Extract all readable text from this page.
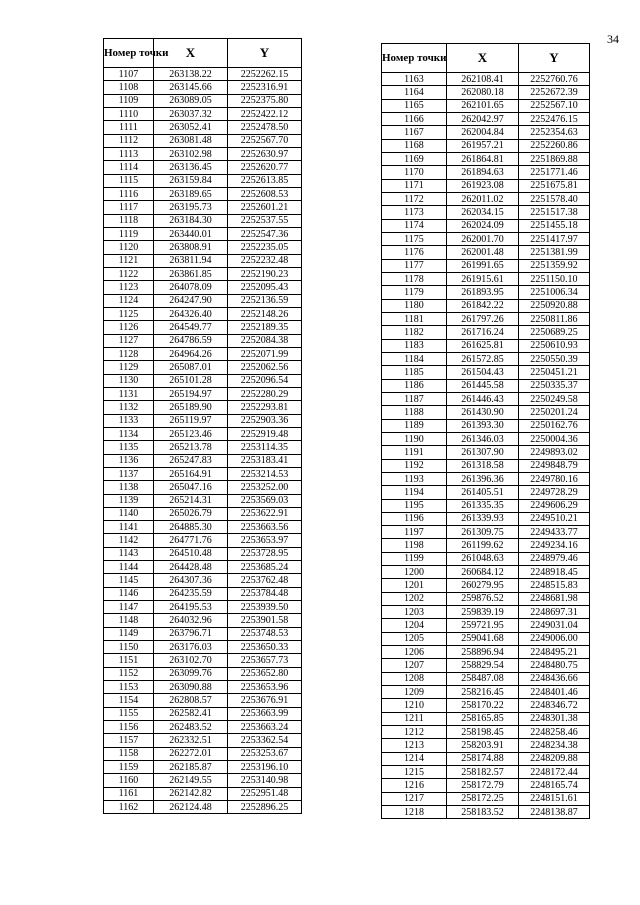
34
Номер точки	X	Y
1107	263138.22	2252262.15
1108	263145.66	2252316.91
1109	263089.05	2252375.80
1110	263037.32	2252422.12
1111	263052.41	2252478.50
1112	263081.48	2252567.70
1113	263102.98	2252630.97
1114	263136.45	2252620.77
1115	263159.84	2252613.85
1116	263189.65	2252608.53
1117	263195.73	2252601.21
1118	263184.30	2252537.55
1119	263440.01	2252547.36
1120	263808.91	2252235.05
1121	263811.94	2252232.48
1122	263861.85	2252190.23
1123	264078.09	2252095.43
1124	264247.90	2252136.59
1125	264326.40	2252148.26
1126	264549.77	2252189.35
1127	264786.59	2252084.38
1128	264964.26	2252071.99
1129	265087.01	2252062.56
1130	265101.28	2252096.54
1131	265194.97	2252280.29
1132	265189.90	2252293.81
1133	265119.97	2252903.36
1134	265123.46	2252919.48
1135	265213.78	2253114.35
1136	265247.83	2253183.41
1137	265164.91	2253214.53
1138	265047.16	2253252.00
1139	265214.31	2253569.03
1140	265026.79	2253622.91
1141	264885.30	2253663.56
1142	264771.76	2253653.97
1143	264510.48	2253728.95
1144	264428.48	2253685.24
1145	264307.36	2253762.48
1146	264235.59	2253784.48
1147	264195.53	2253939.50
1148	264032.96	2253901.58
1149	263796.71	2253748.53
1150	263176.03	2253650.33
1151	263102.70	2253657.73
1152	263099.76	2253652.80
1153	263090.88	2253653.96
1154	262808.57	2253676.91
1155	262582.41	2253663.99
1156	262483.52	2253663.24
1157	262332.51	2253362.54
1158	262272.01	2253253.67
1159	262185.87	2253196.10
1160	262149.55	2253140.98
1161	262142.82	2252951.48
1162	262124.48	2252896.25
Номер точки	X	Y
1163	262108.41	2252760.76
1164	262080.18	2252672.39
1165	262101.65	2252567.10
1166	262042.97	2252476.15
1167	262004.84	2252354.63
1168	261957.21	2252260.86
1169	261864.81	2251869.88
1170	261894.63	2251771.46
1171	261923.08	2251675.81
1172	262011.02	2251578.40
1173	262034.15	2251517.38
1174	262024.09	2251455.18
1175	262001.70	2251417.97
1176	262001.48	2251381.99
1177	261991.65	2251359.92
1178	261915.61	2251150.10
1179	261893.95	2251006.34
1180	261842.22	2250920.88
1181	261797.26	2250811.86
1182	261716.24	2250689.25
1183	261625.81	2250610.93
1184	261572.85	2250550.39
1185	261504.43	2250451.21
1186	261445.58	2250335.37
1187	261446.43	2250249.58
1188	261430.90	2250201.24
1189	261393.30	2250162.76
1190	261346.03	2250004.36
1191	261307.90	2249893.02
1192	261318.58	2249848.79
1193	261396.36	2249780.16
1194	261405.51	2249728.29
1195	261335.35	2249606.29
1196	261339.93	2249510.21
1197	261309.75	2249433.77
1198	261199.62	2249234.16
1199	261048.63	2248979.46
1200	260684.12	2248918.45
1201	260279.95	2248515.83
1202	259876.52	2248681.98
1203	259839.19	2248697.31
1204	259721.95	2249031.04
1205	259041.68	2249006.00
1206	258896.94	2248495.21
1207	258829.54	2248480.75
1208	258487.08	2248436.66
1209	258216.45	2248401.46
1210	258170.22	2248346.72
1211	258165.85	2248301.38
1212	258198.45	2248258.46
1213	258203.91	2248234.38
1214	258174.88	2248209.88
1215	258182.57	2248172.44
1216	258172.79	2248165.74
1217	258172.25	2248151.61
1218	258183.52	2248138.87
